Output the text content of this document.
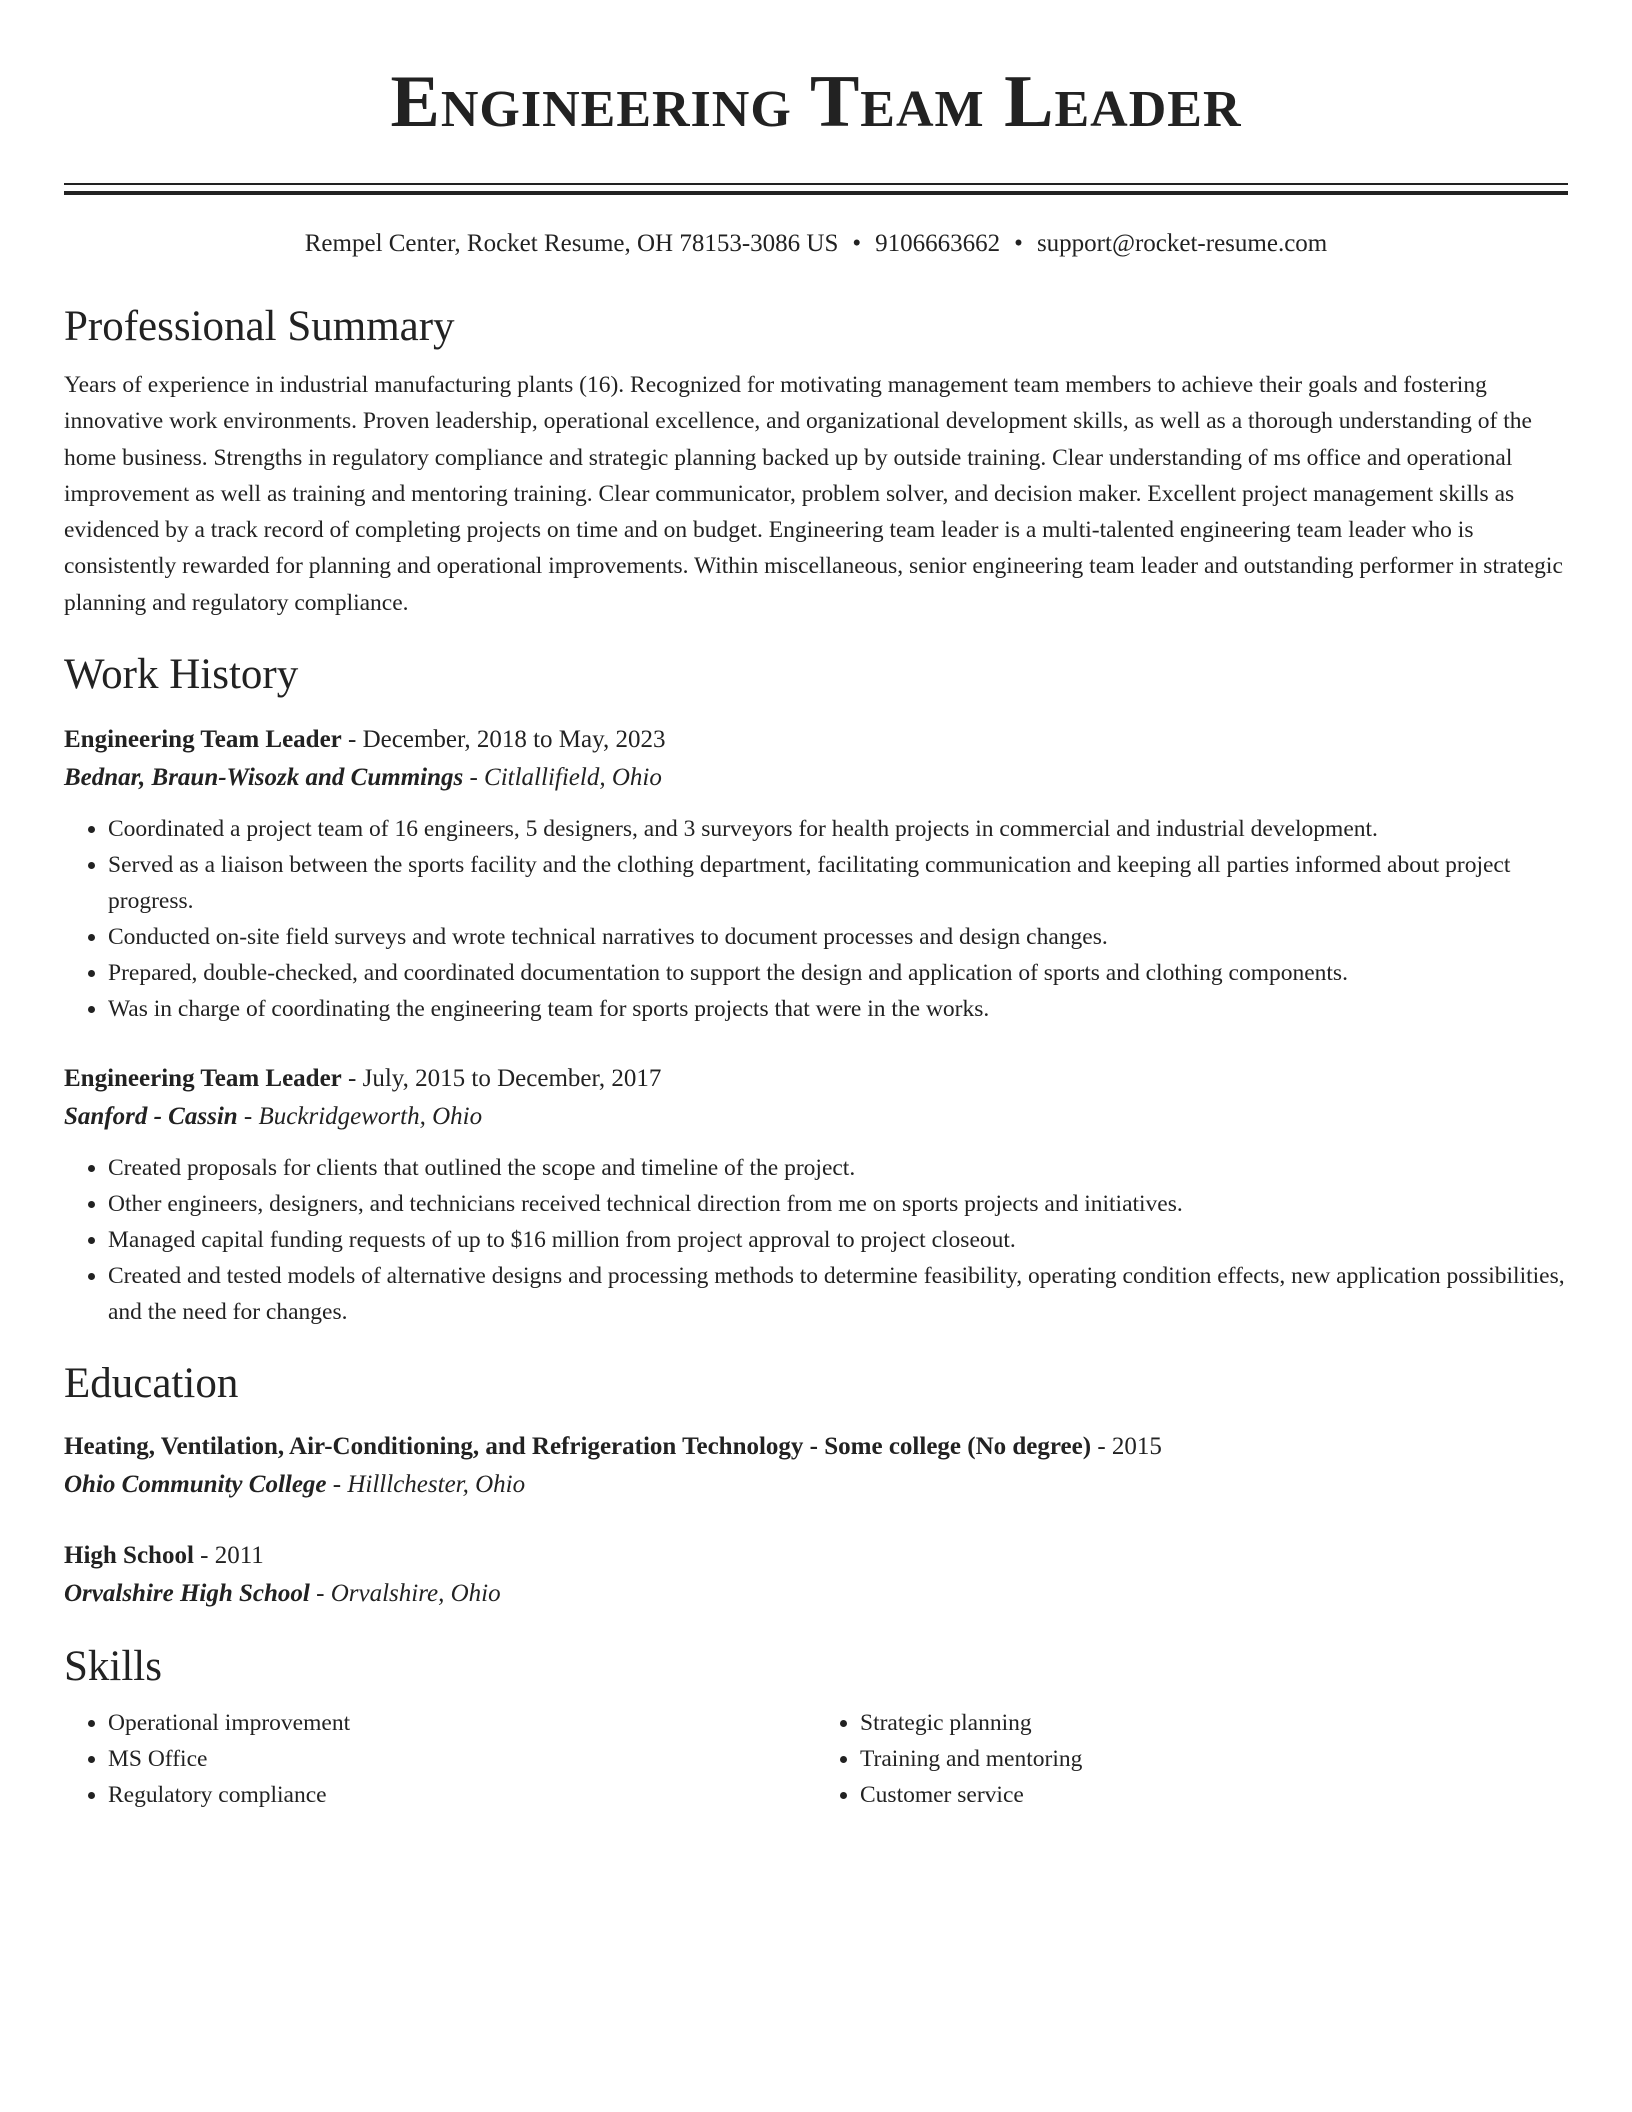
Engineering Team Leader
Rempel Center, Rocket Resume, OH 78153-3086 US • 9106663662 • support@rocket-resume.com
Professional Summary
Years of experience in industrial manufacturing plants (16). Recognized for motivating management team members to achieve their goals and fostering innovative work environments. Proven leadership, operational excellence, and organizational development skills, as well as a thorough understanding of the home business. Strengths in regulatory compliance and strategic planning backed up by outside training. Clear understanding of ms office and operational improvement as well as training and mentoring training. Clear communicator, problem solver, and decision maker. Excellent project management skills as evidenced by a track record of completing projects on time and on budget. Engineering team leader is a multi-talented engineering team leader who is consistently rewarded for planning and operational improvements. Within miscellaneous, senior engineering team leader and outstanding performer in strategic planning and regulatory compliance.
Work History
Engineering Team Leader - December, 2018 to May, 2023
Bednar, Braun-Wisozk and Cummings - Citlallifield, Ohio
• Coordinated a project team of 16 engineers, 5 designers, and 3 surveyors for health projects in commercial and industrial development.
• Served as a liaison between the sports facility and the clothing department, facilitating communication and keeping all parties informed about project progress.
• Conducted on-site field surveys and wrote technical narratives to document processes and design changes.
• Prepared, double-checked, and coordinated documentation to support the design and application of sports and clothing components.
• Was in charge of coordinating the engineering team for sports projects that were in the works.
Engineering Team Leader - July, 2015 to December, 2017
Sanford - Cassin - Buckridgeworth, Ohio
• Created proposals for clients that outlined the scope and timeline of the project.
• Other engineers, designers, and technicians received technical direction from me on sports projects and initiatives.
• Managed capital funding requests of up to $16 million from project approval to project closeout.
• Created and tested models of alternative designs and processing methods to determine feasibility, operating condition effects, new application possibilities, and the need for changes.
Education
Heating, Ventilation, Air-Conditioning, and Refrigeration Technology - Some college (No degree) - 2015
Ohio Community College - Hilllchester, Ohio
High School - 2011
Orvalshire High School - Orvalshire, Ohio
Skills
• Operational improvement
• MS Office
• Regulatory compliance
• Strategic planning
• Training and mentoring
• Customer service
